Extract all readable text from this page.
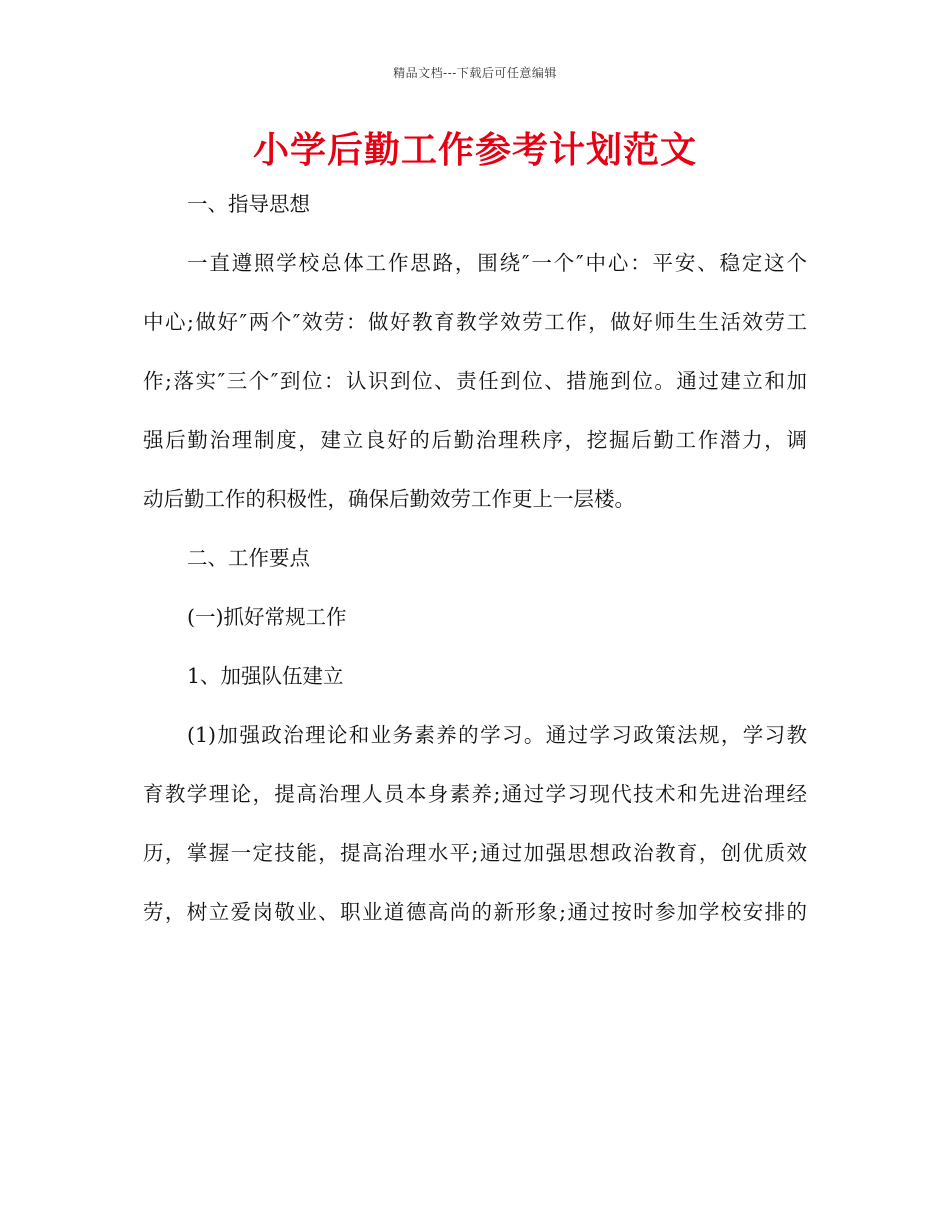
精品文档---下载后可任意编辑
小学后勤工作参考计划范文

一、指导思想

一直遵照学校总体工作思路，围绕″一个″中心：平安、稳定这个
中心;做好″两个″效劳：做好教育教学效劳工作，做好师生生活效劳工
作;落实″三个″到位：认识到位、责任到位、措施到位。通过建立和加
强后勤治理制度，建立良好的后勤治理秩序，挖掘后勤工作潜力，调
动后勤工作的积极性，确保后勤效劳工作更上一层楼。

二、工作要点

(一)抓好常规工作

1、加强队伍建立

(1)加强政治理论和业务素养的学习。通过学习政策法规，学习教
育教学理论，提高治理人员本身素养;通过学习现代技术和先进治理经
历，掌握一定技能，提高治理水平;通过加强思想政治教育，创优质效
劳，树立爱岗敬业、职业道德高尚的新形象;通过按时参加学校安排的
